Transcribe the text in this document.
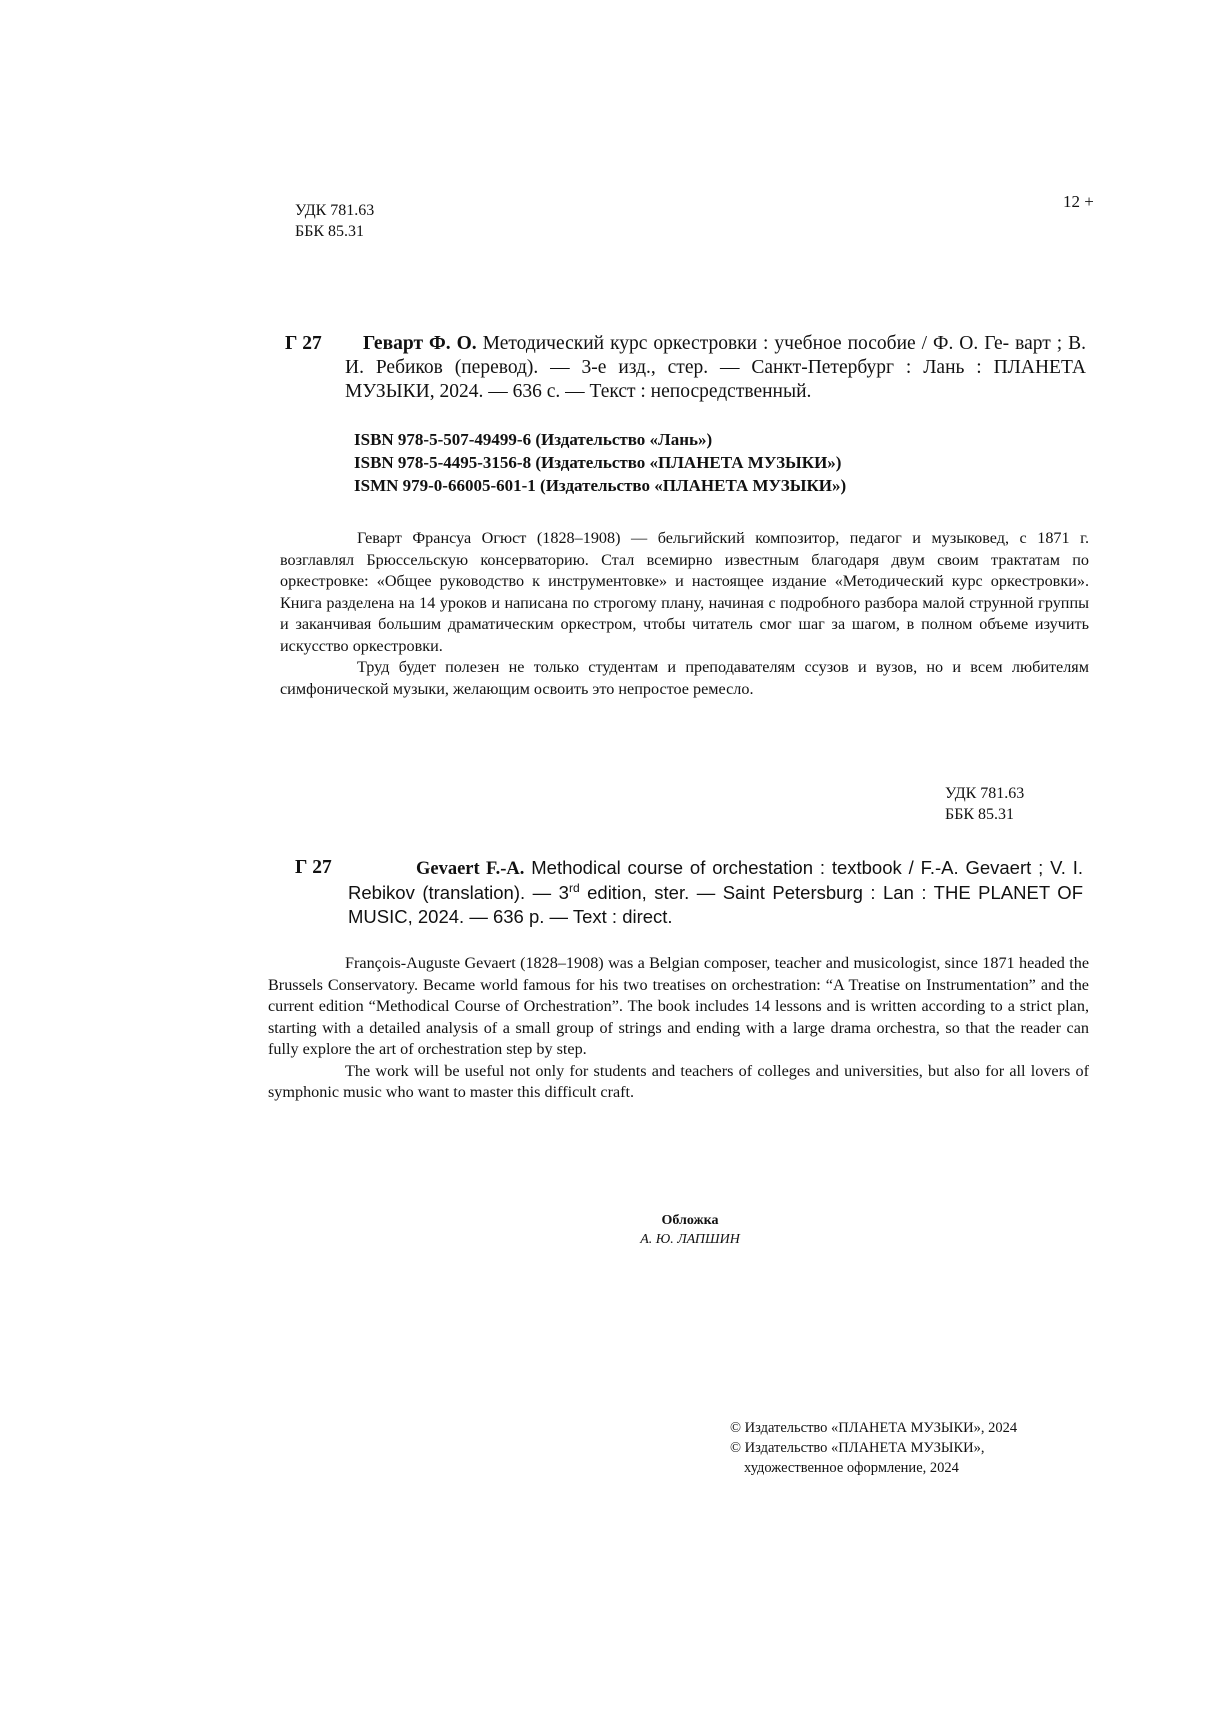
УДК 781.63
ББК 85.31
12 +
Г 27	Геварт Ф. О. Методический курс оркестровки : учебное пособие / Ф. О. Ге- варт ; В. И. Ребиков (перевод). — 3-е изд., стер. — Санкт-Петербург : Лань : ПЛАНЕТА МУЗЫКИ, 2024. — 636 с. — Текст : непосредственный.
ISBN 978-5-507-49499-6 (Издательство «Лань»)
ISBN 978-5-4495-3156-8 (Издательство «ПЛАНЕТА МУЗЫКИ»)
ISMN 979-0-66005-601-1 (Издательство «ПЛАНЕТА МУЗЫКИ»)

Геварт Франсуа Огюст (1828–1908) — бельгийский композитор, педагог и музыковед, с 1871 г. возглавлял Брюссельскую консерваторию. Стал всемирно известным благодаря двум своим трактатам по оркестровке: «Общее руководство к инструментовке» и настоящее издание «Методический курс оркестровки». Книга разделена на 14 уроков и написана по строгому плану, начиная с подробного разбора малой струнной группы и заканчивая большим драматическим оркестром, чтобы читатель смог шаг за шагом, в полном объеме изучить искусство оркестровки.

Труд будет полезен не только студентам и преподавателям ссузов и вузов, но и всем любителям симфонической музыки, желающим освоить это непростое ремесло.

УДК 781.63
ББК 85.31
Г 27	Gevaert F.-A. Methodical course of orchestation : textbook / F.-A. Gevaert ; V. I. Rebikov (translation). — 3rd edition, ster. — Saint Petersburg : Lan : THE PLANET OF MUSIC, 2024. — 636 p. — Text : direct.

François-Auguste Gevaert (1828–1908) was a Belgian composer, teacher and musicologist, since 1871 headed the Brussels Conservatory. Became world famous for his two treatises on orchestration: “A Treatise on Instrumentation” and the current edition “Methodical Course of Orchestration”. The book includes 14 lessons and is written according to a strict plan, starting with a detailed analysis of a small group of strings and ending with a large drama orchestra, so that the reader can fully explore the art of orchestration step by step.

The work will be useful not only for students and teachers of colleges and universities, but also for all lovers of symphonic music who want to master this difficult craft.

Обложка
А. Ю. ЛАПШИН
© Издательство «ПЛАНЕТА МУЗЫКИ», 2024
© Издательство «ПЛАНЕТА МУЗЫКИ»,
художественное оформление, 2024
